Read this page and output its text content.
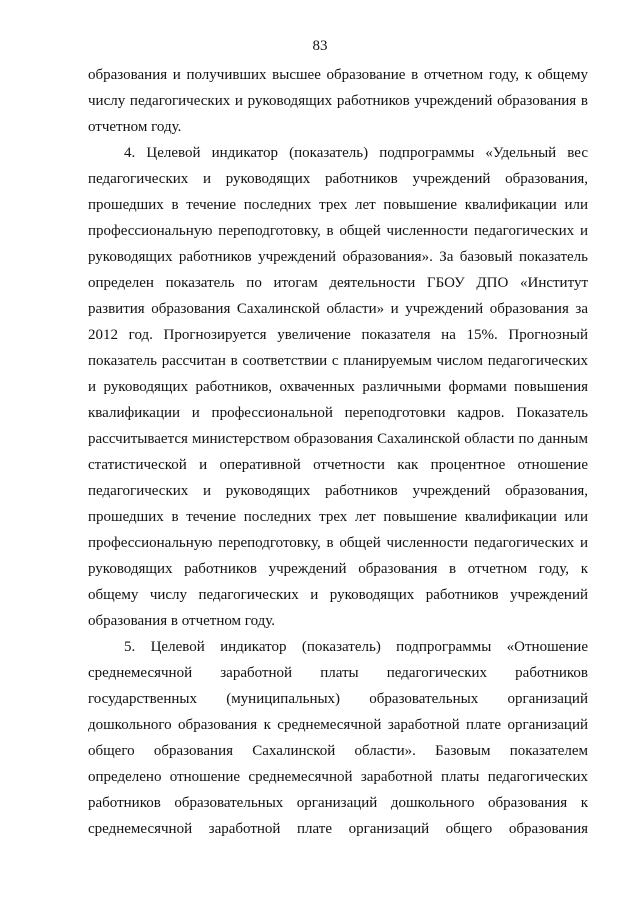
83
образования и получивших высшее образование в отчетном году, к общему
числу педагогических и руководящих работников учреждений образования в
отчетном году.
4. Целевой индикатор (показатель) подпрограммы «Удельный вес
педагогических и руководящих работников учреждений образования,
прошедших в течение последних трех лет повышение квалификации или
профессиональную переподготовку, в общей численности педагогических и
руководящих работников учреждений образования». За базовый показатель
определен показатель по итогам деятельности ГБОУ ДПО «Институт
развития образования Сахалинской области» и учреждений образования за
2012 год. Прогнозируется увеличение показателя на 15%. Прогнозный
показатель рассчитан в соответствии с планируемым числом педагогических
и руководящих работников, охваченных различными формами повышения
квалификации и профессиональной переподготовки кадров. Показатель
рассчитывается министерством образования Сахалинской области по данным
статистической и оперативной отчетности как процентное отношение
педагогических и руководящих работников учреждений образования,
прошедших в течение последних трех лет повышение квалификации или
профессиональную переподготовку, в общей численности педагогических и
руководящих работников учреждений образования в отчетном году, к
общему числу педагогических и руководящих работников учреждений
образования в отчетном году.
5. Целевой индикатор (показатель) подпрограммы «Отношение
среднемесячной заработной платы педагогических работников
государственных (муниципальных) образовательных организаций
дошкольного образования к среднемесячной заработной плате организаций
общего образования Сахалинской области». Базовым показателем
определено отношение среднемесячной заработной платы педагогических
работников образовательных организаций дошкольного образования к
среднемесячной заработной плате организаций общего образования
